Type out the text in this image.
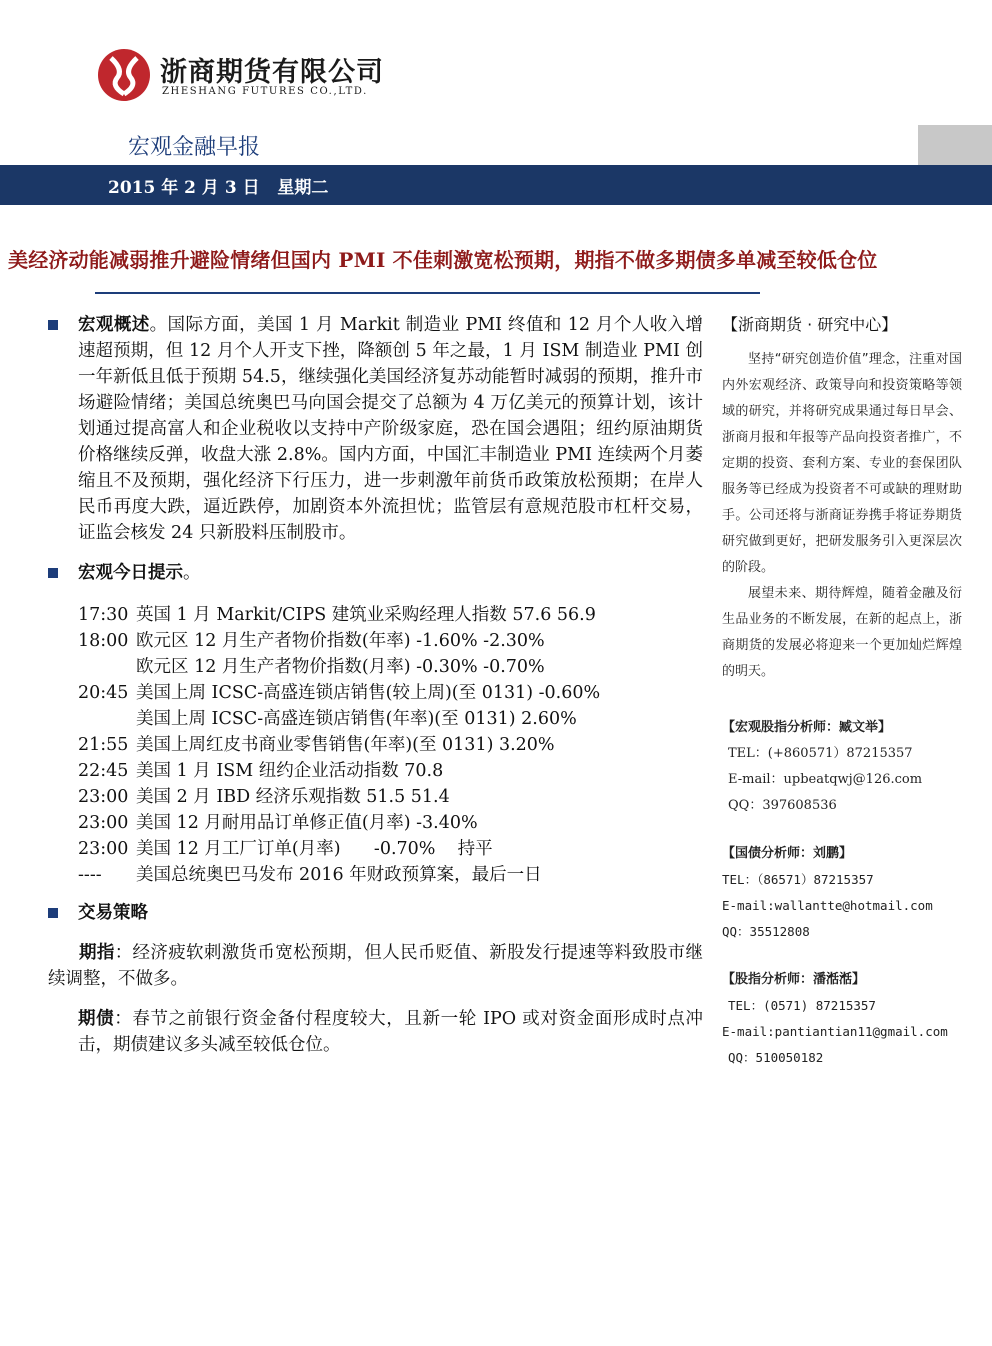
浙商期货有限公司
ZHESHANG FUTURES CO.,LTD.
宏观金融早报
2015 年 2 月 3 日   星期二
美经济动能减弱推升避险情绪但国内 PMI 不佳刺激宽松预期，期指不做多期债多单减至较低仓位
宏观概述。国际方面，美国 1 月 Markit 制造业 PMI 终值和 12 月个人收入增速超预期，但 12 月个人开支下挫，降额创 5 年之最，1 月 ISM 制造业 PMI 创一年新低且低于预期 54.5，继续强化美国经济复苏动能暂时减弱的预期，推升市场避险情绪；美国总统奥巴马向国会提交了总额为 4 万亿美元的预算计划，该计划通过提高富人和企业税收以支持中产阶级家庭，恐在国会遇阻；纽约原油期货价格继续反弹，收盘大涨 2.8%。国内方面，中国汇丰制造业 PMI 连续两个月萎缩且不及预期，强化经济下行压力，进一步刺激年前货币政策放松预期；在岸人民币再度大跌，逼近跌停，加剧资本外流担忧；监管层有意规范股市杠杆交易，证监会核发 24 只新股料压制股市。
宏观今日提示。
17:30 英国 1 月 Markit/CIPS 建筑业采购经理人指数 57.6 56.9
18:00 欧元区 12 月生产者物价指数(年率) -1.60% -2.30%
欧元区 12 月生产者物价指数(月率) -0.30% -0.70%
20:45 美国上周 ICSC-高盛连锁店销售(较上周)(至 0131) -0.60%
美国上周 ICSC-高盛连锁店销售(年率)(至 0131) 2.60%
21:55 美国上周红皮书商业零售销售(年率)(至 0131) 3.20%
22:45 美国 1 月 ISM 纽约企业活动指数 70.8
23:00 美国 2 月 IBD 经济乐观指数 51.5 51.4
23:00 美国 12 月耐用品订单修正值(月率) -3.40%
23:00 美国 12 月工厂订单(月率)      -0.70%    持平
---- 美国总统奥巴马发布 2016 年财政预算案，最后一日
交易策略
期指：经济疲软刺激货币宽松预期，但人民币贬值、新股发行提速等料致股市继续调整，不做多。
期债：春节之前银行资金备付程度较大，且新一轮 IPO 或对资金面形成时点冲击，期债建议多头减至较低仓位。
【浙商期货 · 研究中心】
坚持“研究创造价值”理念，注重对国内外宏观经济、政策导向和投资策略等领域的研究，并将研究成果通过每日早会、浙商月报和年报等产品向投资者推广，不定期的投资、套利方案、专业的套保团队服务等已经成为投资者不可或缺的理财助手。公司还将与浙商证券携手将证券期货研究做到更好，把研发服务引入更深层次的阶段。
展望未来、期待辉煌，随着金融及衍生品业务的不断发展，在新的起点上，浙商期货的发展必将迎来一个更加灿烂辉煌的明天。
【宏观股指分析师：臧文举】
TEL：(+860571）87215357
E-mail：upbeatqwj@126.com
QQ：397608536
【国债分析师：刘鹏】
TEL：（86571）87215357
E-mail:wallantte@hotmail.com
QQ：35512808
【股指分析师：潘湉湉】
TEL：(0571) 87215357
E-mail:pantiantian11@gmail.com
QQ：510050182
